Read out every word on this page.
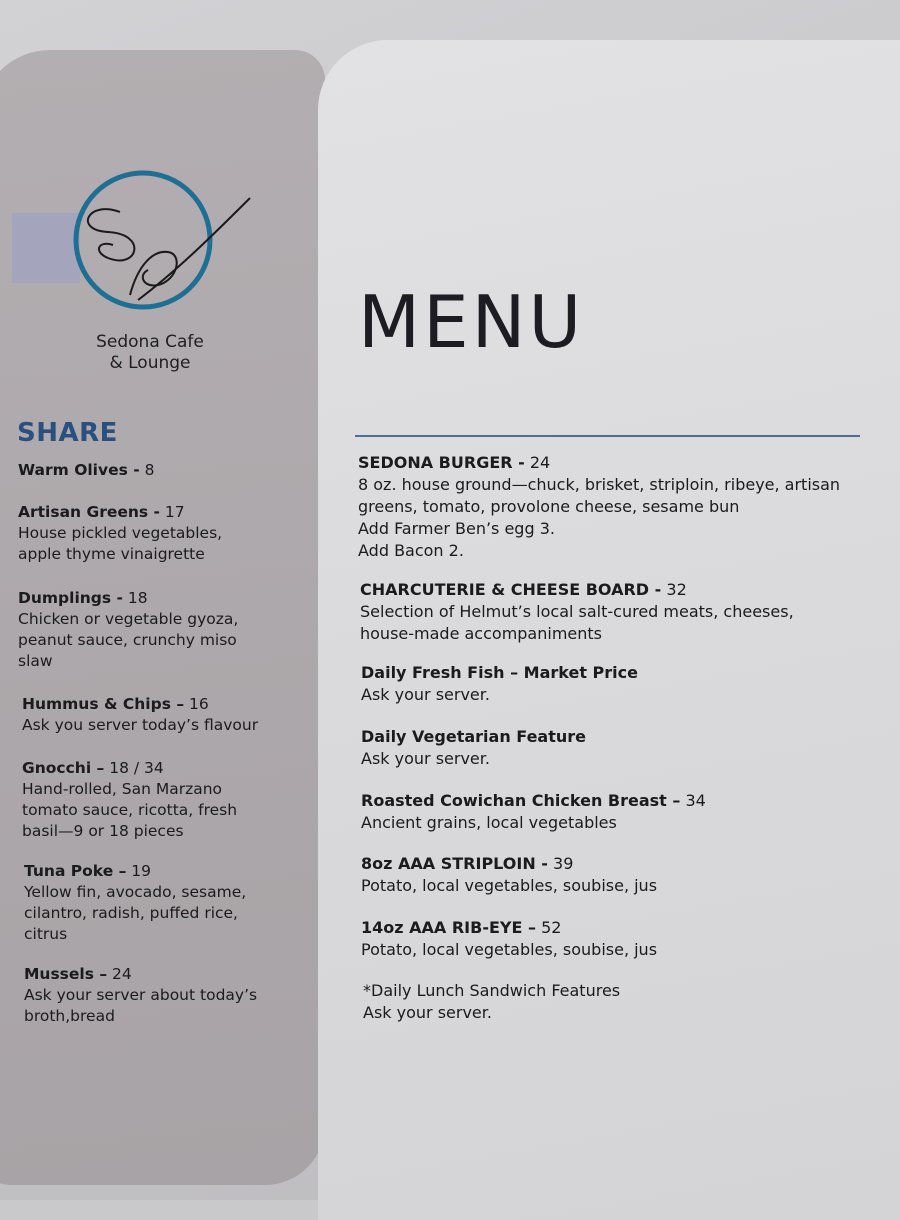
Sedona Cafe
& Lounge
SHARE
Warm Olives - 8
Artisan Greens - 17
House pickled vegetables,
apple thyme vinaigrette
Dumplings - 18
Chicken or vegetable gyoza,
peanut sauce, crunchy miso
slaw
Hummus & Chips – 16
Ask you server today’s flavour
Gnocchi – 18 / 34
Hand-rolled, San Marzano
tomato sauce, ricotta, fresh
basil—9 or 18 pieces
Tuna Poke – 19
Yellow fin, avocado, sesame,
cilantro, radish, puffed rice,
citrus
Mussels – 24
Ask your server about today’s
broth,bread
MENU
SEDONA BURGER - 24
8 oz. house ground—chuck, brisket, striploin, ribeye, artisan
greens, tomato, provolone cheese, sesame bun
Add Farmer Ben’s egg 3.
Add Bacon 2.
CHARCUTERIE & CHEESE BOARD - 32
Selection of Helmut’s local salt-cured meats, cheeses,
house-made accompaniments
Daily Fresh Fish – Market Price
Ask your server.
Daily Vegetarian Feature
Ask your server.
Roasted Cowichan Chicken Breast – 34
Ancient grains, local vegetables
8oz AAA STRIPLOIN - 39
Potato, local vegetables, soubise, jus
14oz AAA RIB-EYE – 52
Potato, local vegetables, soubise, jus
*Daily Lunch Sandwich Features
Ask your server.
